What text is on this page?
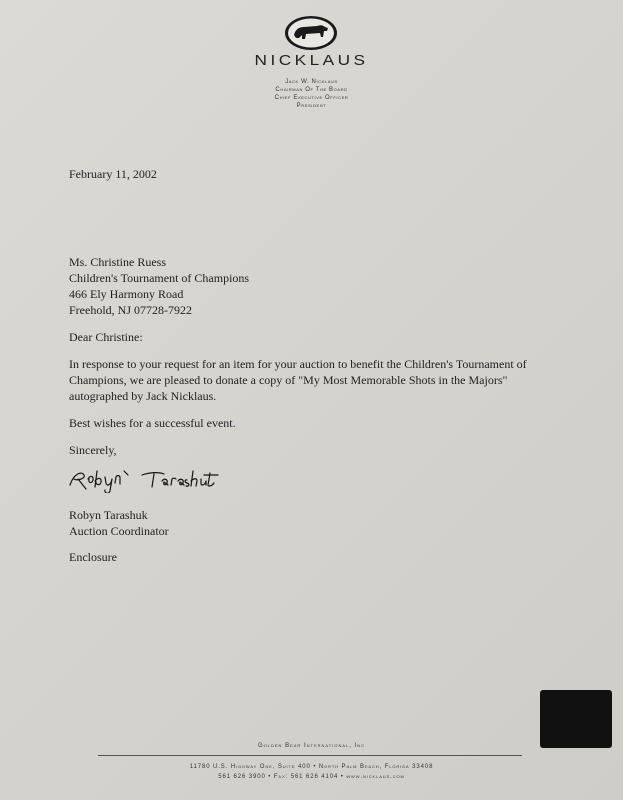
NICKLAUS
Jack W. Nicklaus
Chairman Of The Board
Chief Executive Officer
President
February 11, 2002
Ms. Christine Ruess
Children's Tournament of Champions
466 Ely Harmony Road
Freehold, NJ 07728-7922
Dear Christine:
In response to your request for an item for your auction to benefit the Children's Tournament of
Champions, we are pleased to donate a copy of "My Most Memorable Shots in the Majors"
autographed by Jack Nicklaus.
Best wishes for a successful event.
Sincerely,
Robyn Tarashuk
Auction Coordinator
Enclosure
Golden Bear International, Inc
11780 U.S. Highway One, Suite 400 • North Palm Beach, Florida 33408
561 626 3900 • Fax: 561 626 4104 • www.nicklaus.com
